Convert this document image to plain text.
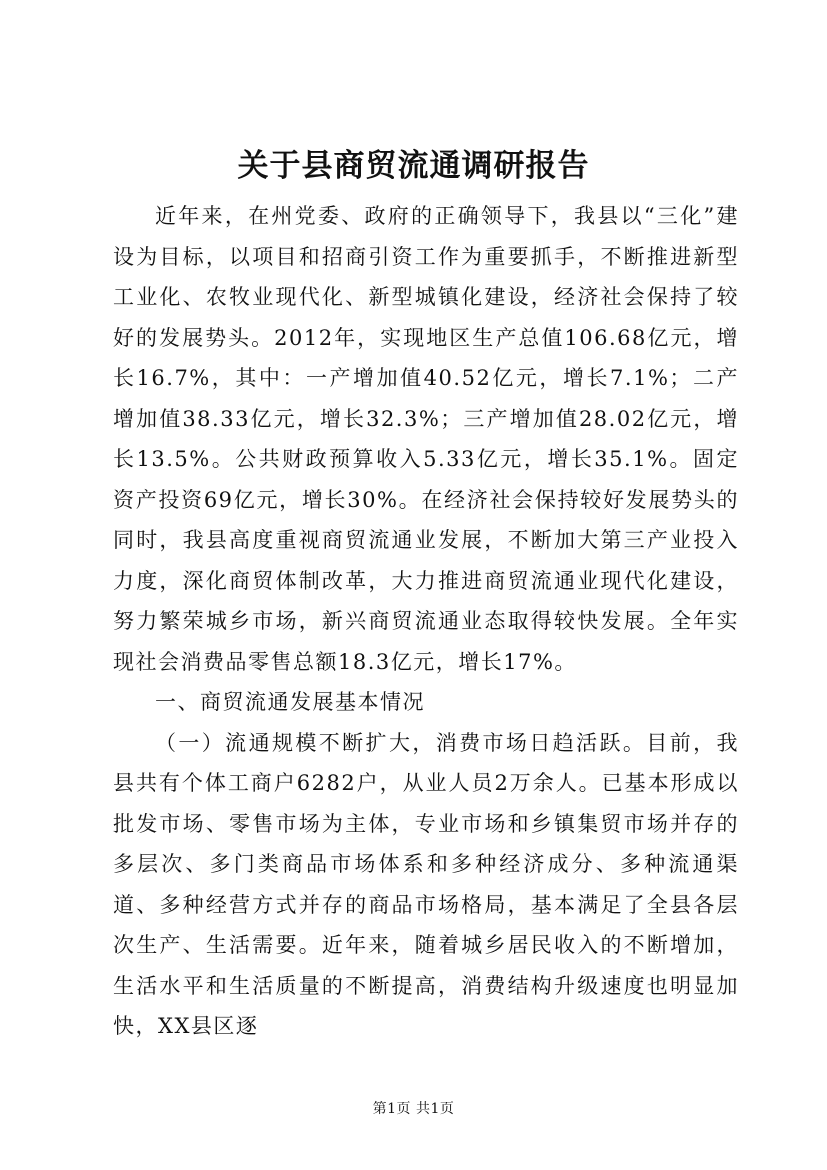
关于县商贸流通调研报告

近年来，在州党委、政府的正确领导下，我县以“三化”建设为目标，以项目和招商引资工作为重要抓手，不断推进新型工业化、农牧业现代化、新型城镇化建设，经济社会保持了较好的发展势头。2012年，实现地区生产总值106.68亿元，增长16.7%，其中：一产增加值40.52亿元，增长7.1%；二产增加值38.33亿元，增长32.3%；三产增加值28.02亿元，增长13.5%。公共财政预算收入5.33亿元，增长35.1%。固定资产投资69亿元，增长30%。在经济社会保持较好发展势头的同时，我县高度重视商贸流通业发展，不断加大第三产业投入力度，深化商贸体制改革，大力推进商贸流通业现代化建设，努力繁荣城乡市场，新兴商贸流通业态取得较快发展。全年实现社会消费品零售总额18.3亿元，增长17%。

一、商贸流通发展基本情况

（一）流通规模不断扩大，消费市场日趋活跃。目前，我县共有个体工商户6282户，从业人员2万余人。已基本形成以批发市场、零售市场为主体，专业市场和乡镇集贸市场并存的多层次、多门类商品市场体系和多种经济成分、多种流通渠道、多种经营方式并存的商品市场格局，基本满足了全县各层次生产、生活需要。近年来，随着城乡居民收入的不断增加，生活水平和生活质量的不断提高，消费结构升级速度也明显加快，XX县区逐

第1页 共1页
